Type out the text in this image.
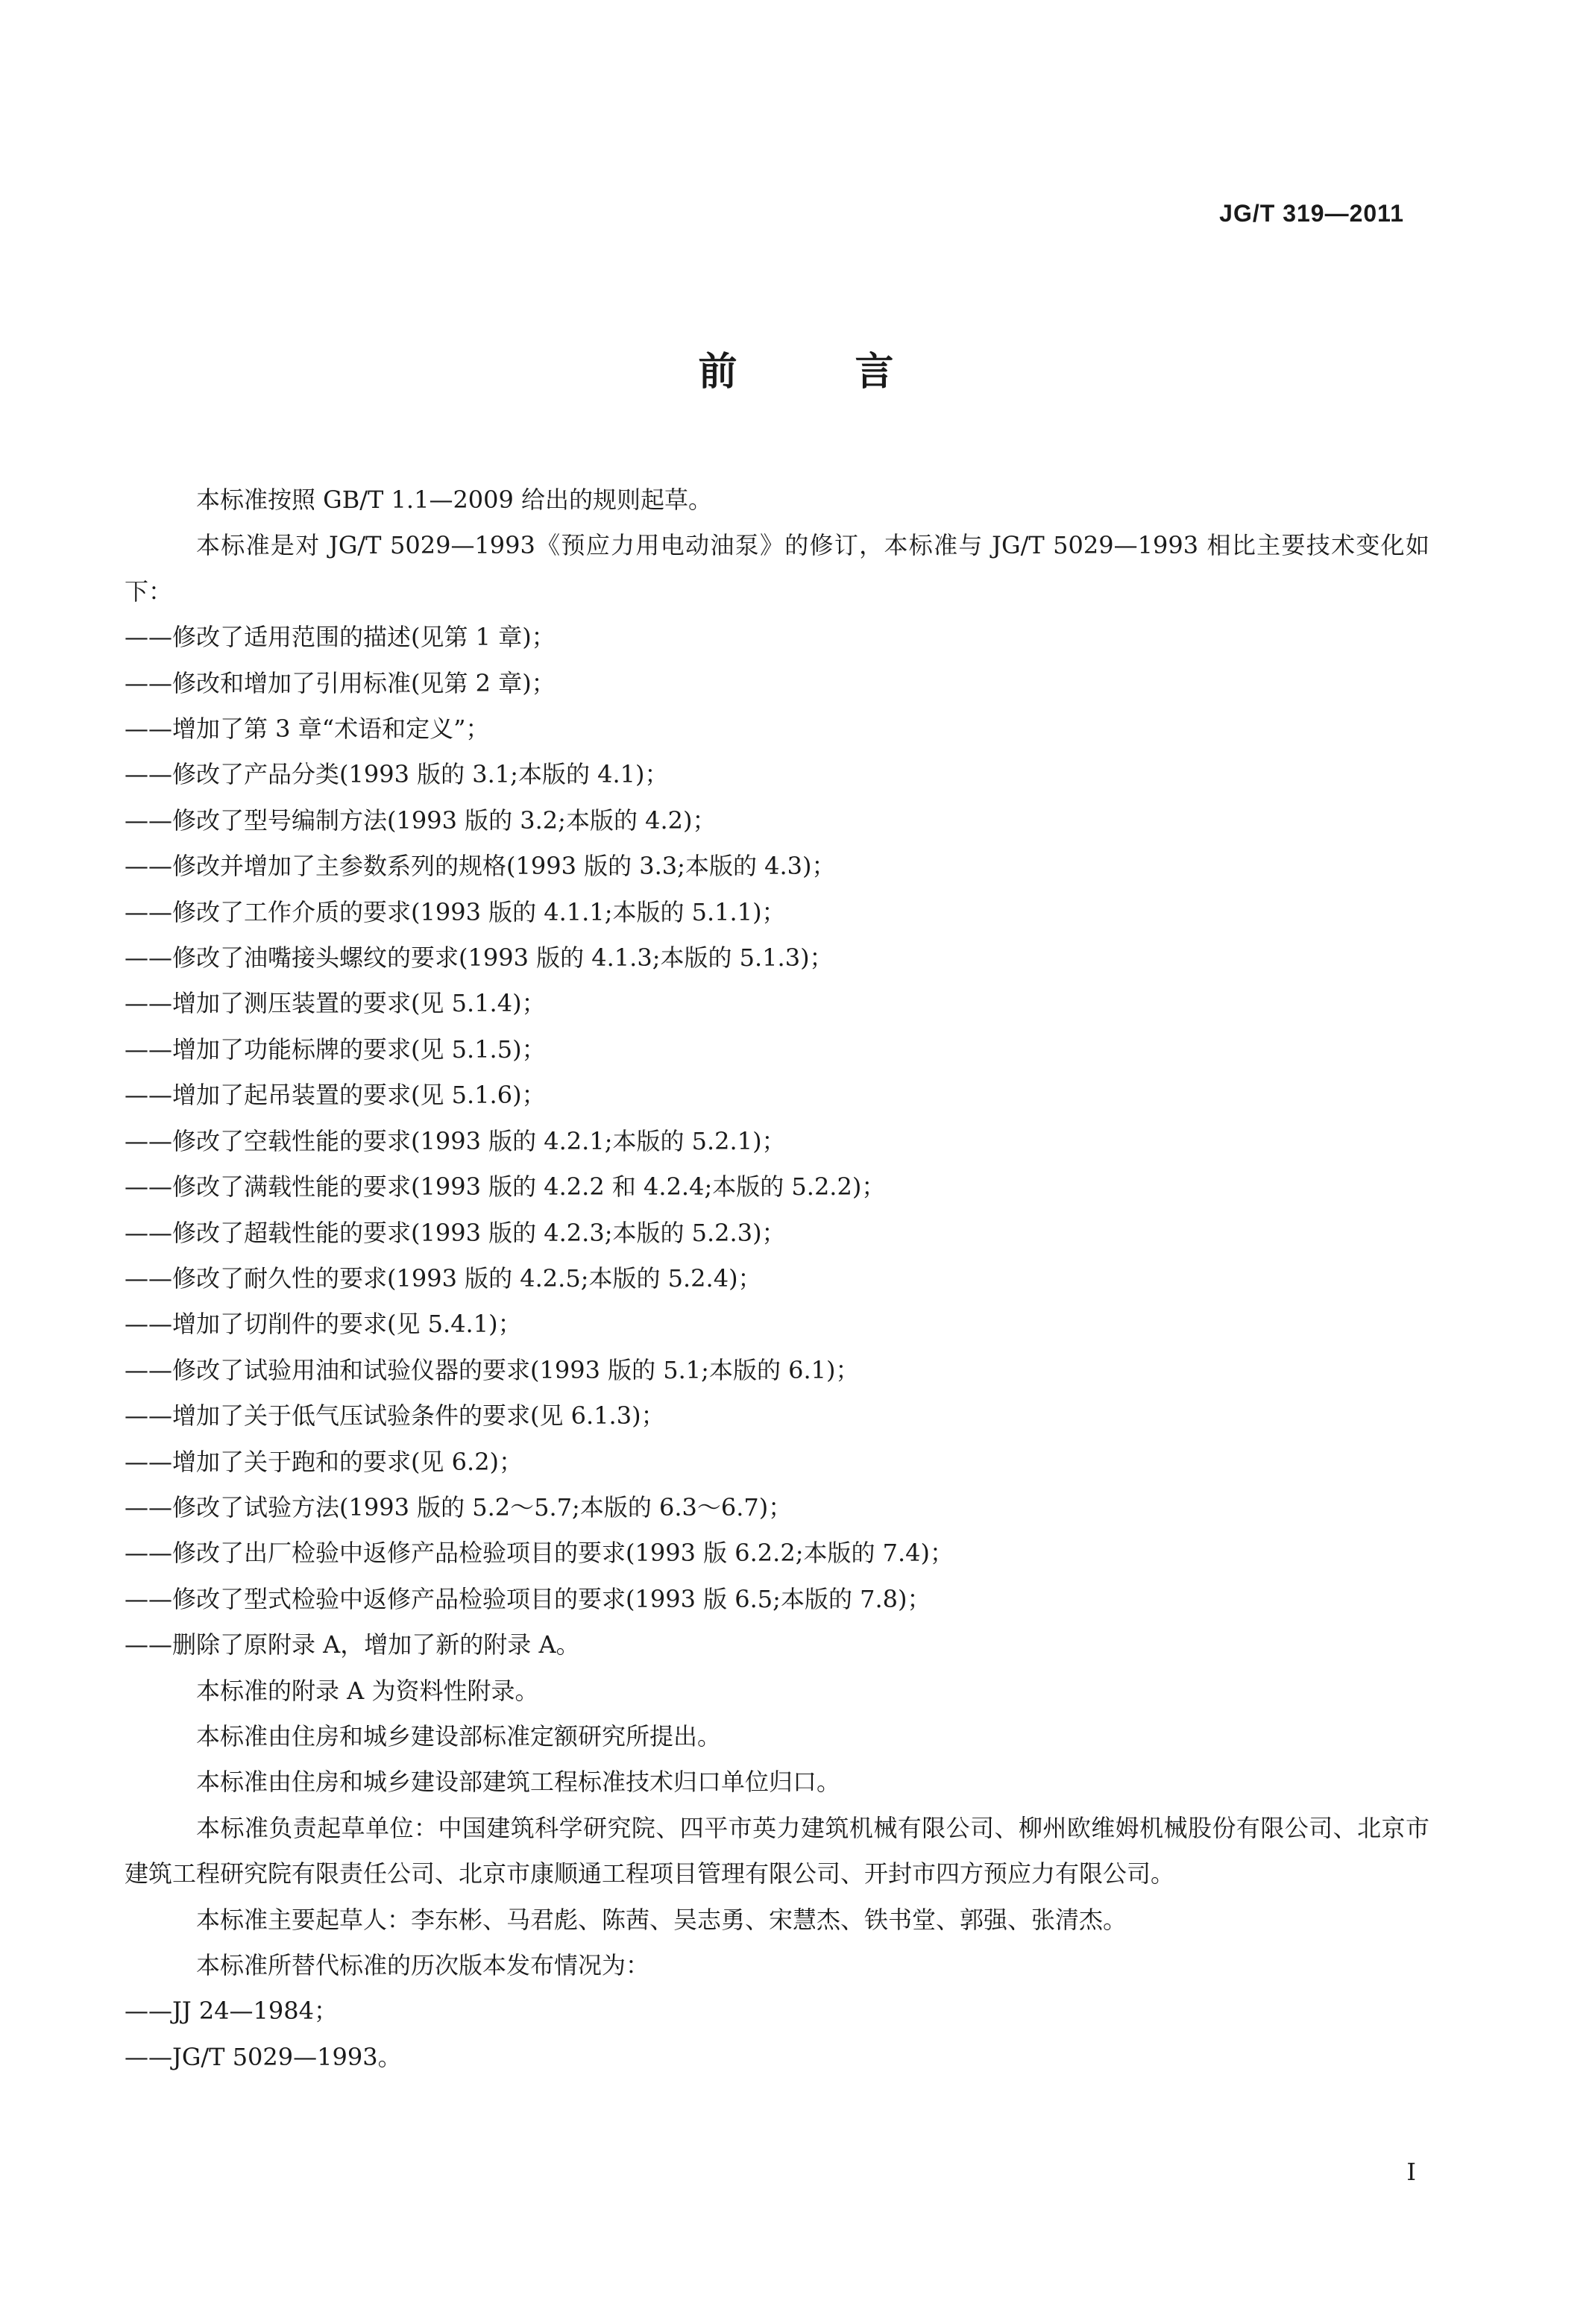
JG/T 319—2011
前 言

本标准按照 GB/T 1.1—2009 给出的规则起草。

本标准是对 JG/T 5029—1993《预应力用电动油泵》的修订，本标准与 JG/T 5029—1993 相比主要技术变化如下：

——修改了适用范围的描述(见第 1 章)；

——修改和增加了引用标准(见第 2 章)；

——增加了第 3 章“术语和定义”；

——修改了产品分类(1993 版的 3.1;本版的 4.1)；

——修改了型号编制方法(1993 版的 3.2;本版的 4.2)；

——修改并增加了主参数系列的规格(1993 版的 3.3;本版的 4.3)；

——修改了工作介质的要求(1993 版的 4.1.1;本版的 5.1.1)；

——修改了油嘴接头螺纹的要求(1993 版的 4.1.3;本版的 5.1.3)；

——增加了测压装置的要求(见 5.1.4)；

——增加了功能标牌的要求(见 5.1.5)；

——增加了起吊装置的要求(见 5.1.6)；

——修改了空载性能的要求(1993 版的 4.2.1;本版的 5.2.1)；

——修改了满载性能的要求(1993 版的 4.2.2 和 4.2.4;本版的 5.2.2)；

——修改了超载性能的要求(1993 版的 4.2.3;本版的 5.2.3)；

——修改了耐久性的要求(1993 版的 4.2.5;本版的 5.2.4)；

——增加了切削件的要求(见 5.4.1)；

——修改了试验用油和试验仪器的要求(1993 版的 5.1;本版的 6.1)；

——增加了关于低气压试验条件的要求(见 6.1.3)；

——增加了关于跑和的要求(见 6.2)；

——修改了试验方法(1993 版的 5.2～5.7;本版的 6.3～6.7)；

——修改了出厂检验中返修产品检验项目的要求(1993 版 6.2.2;本版的 7.4)；

——修改了型式检验中返修产品检验项目的要求(1993 版 6.5;本版的 7.8)；

——删除了原附录 A，增加了新的附录 A。

本标准的附录 A 为资料性附录。

本标准由住房和城乡建设部标准定额研究所提出。

本标准由住房和城乡建设部建筑工程标准技术归口单位归口。

本标准负责起草单位：中国建筑科学研究院、四平市英力建筑机械有限公司、柳州欧维姆机械股份有限公司、北京市建筑工程研究院有限责任公司、北京市康顺通工程项目管理有限公司、开封市四方预应力有限公司。

本标准主要起草人：李东彬、马君彪、陈茜、吴志勇、宋慧杰、铁书堂、郭强、张清杰。

本标准所替代标准的历次版本发布情况为：

——JJ 24—1984；

——JG/T 5029—1993。

I
